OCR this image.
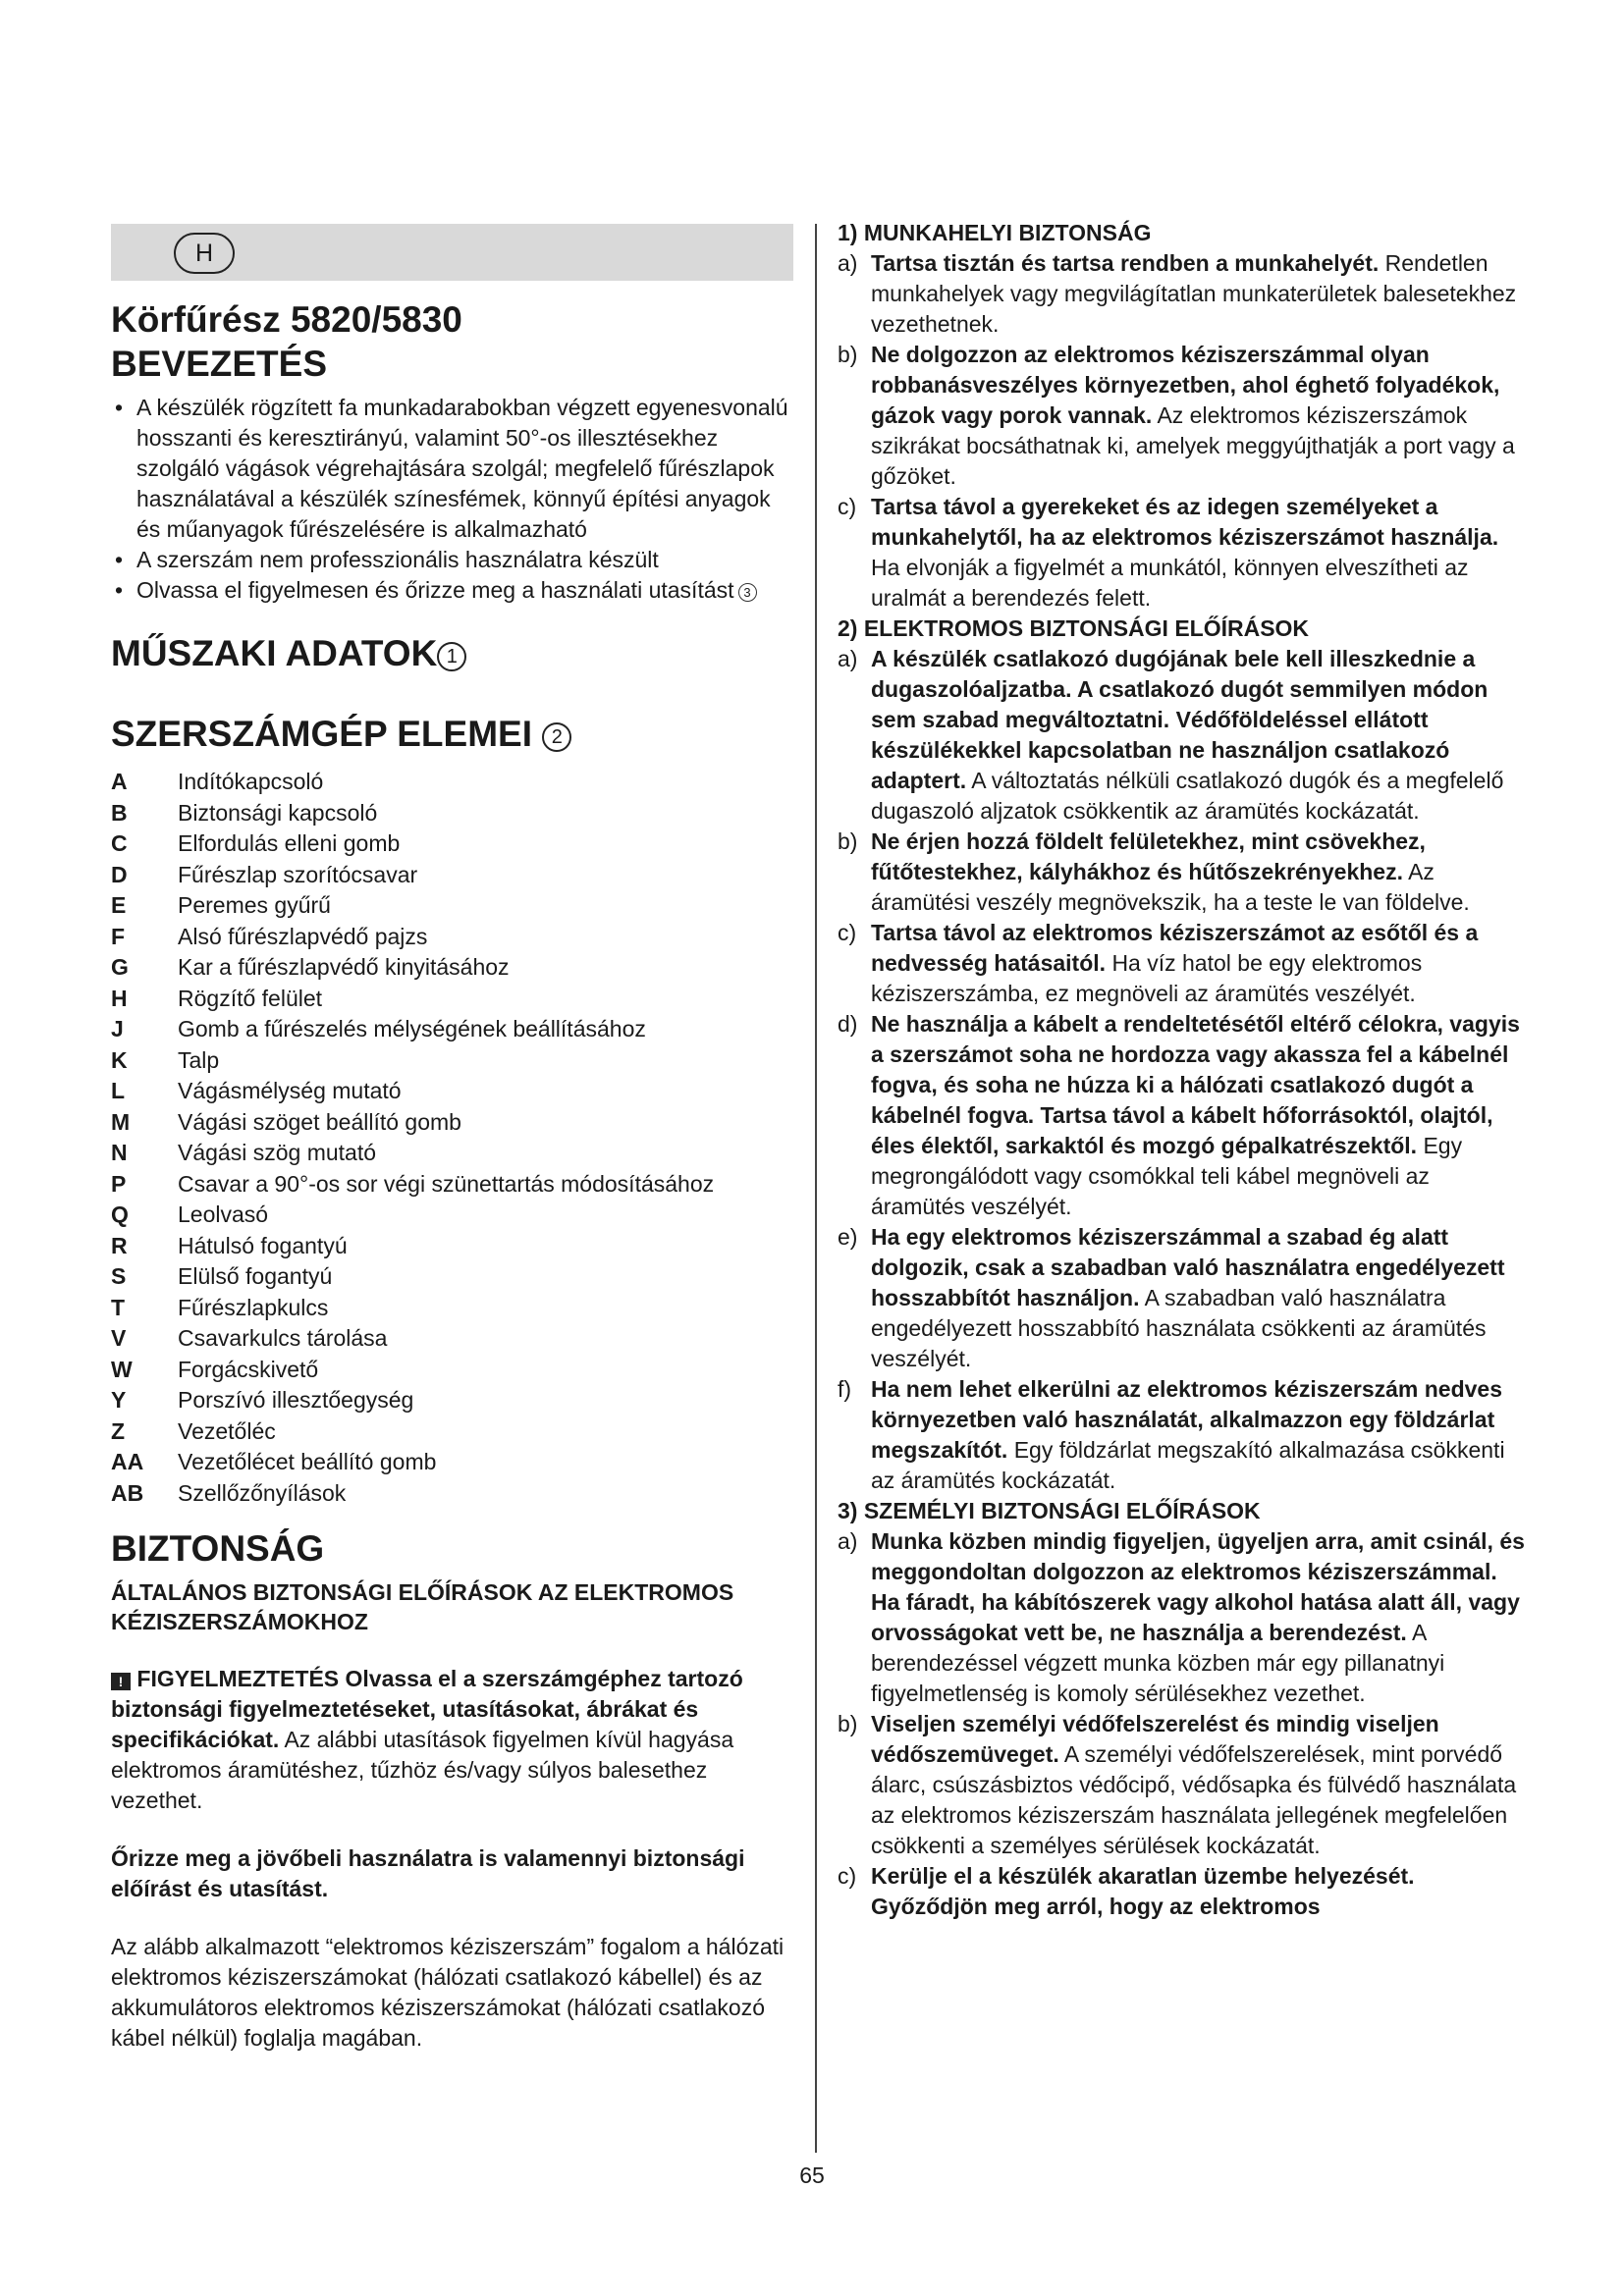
H
Körfűrész 5820/5830
BEVEZETÉS
• A készülék rögzített fa munkadarabokban végzett egyenesvonalú hosszanti és keresztirányú, valamint 50°-os illesztésekhez szolgáló vágások végrehajtására szolgál; megfelelő fűrészlapok használatával a készülék színesfémek, könnyű építési anyagok és műanyagok fűrészelésére is alkalmazható
• A szerszám nem professzionális használatra készült
• Olvassa el figyelmesen és őrizze meg a használati utasítást 3
MŰSZAKI ADATOK 1
SZERSZÁMGÉP ELEMEI 2
A	Indítókapcsoló
B	Biztonsági kapcsoló
C	Elfordulás elleni gomb
D	Fűrészlap szorítócsavar
E	Peremes gyűrű
F	Alsó fűrészlapvédő pajzs
G	Kar a fűrészlapvédő kinyitásához
H	Rögzítő felület
J	Gomb a fűrészelés mélységének beállításához
K	Talp
L	Vágásmélység mutató
M	Vágási szöget beállító gomb
N	Vágási szög mutató
P	Csavar a 90°-os sor végi szünettartás módosításához
Q	Leolvasó
R	Hátulsó fogantyú
S	Elülső fogantyú
T	Fűrészlapkulcs
V	Csavarkulcs tárolása
W	Forgácskivető
Y	Porszívó illesztőegység
Z	Vezetőléc
AA	Vezetőlécet beállító gomb
AB	Szellőzőnyílások
BIZTONSÁG
ÁLTALÁNOS BIZTONSÁGI ELŐÍRÁSOK AZ ELEKTROMOS KÉZISZERSZÁMOKHOZ

! FIGYELMEZTETÉS Olvassa el a szerszámgéphez tartozó biztonsági figyelmeztetéseket, utasításokat, ábrákat és specifikációkat. Az alábbi utasítások figyelmen kívül hagyása elektromos áramütéshez, tűzhöz és/vagy súlyos balesethez vezethet.

Őrizze meg a jövőbeli használatra is valamennyi biztonsági előírást és utasítást.

Az alább alkalmazott “elektromos kéziszerszám” fogalom a hálózati elektromos kéziszerszámokat (hálózati csatlakozó kábellel) és az akkumulátoros elektromos kéziszerszámokat (hálózati csatlakozó kábel nélkül) foglalja magában.

1) MUNKAHELYI BIZTONSÁG
a) Tartsa tisztán és tartsa rendben a munkahelyét. Rendetlen munkahelyek vagy megvilágítatlan munkaterületek balesetekhez vezethetnek.
b) Ne dolgozzon az elektromos kéziszerszámmal olyan robbanásveszélyes környezetben, ahol éghető folyadékok, gázok vagy porok vannak. Az elektromos kéziszerszámok szikrákat bocsáthatnak ki, amelyek meggyújthatják a port vagy a gőzöket.
c) Tartsa távol a gyerekeket és az idegen személyeket a munkahelytől, ha az elektromos kéziszerszámot használja. Ha elvonják a figyelmét a munkától, könnyen elveszítheti az uralmát a berendezés felett.
2) ELEKTROMOS BIZTONSÁGI ELŐÍRÁSOK
a) A készülék csatlakozó dugójának bele kell illeszkednie a dugaszolóaljzatba. A csatlakozó dugót semmilyen módon sem szabad megváltoztatni. Védőföldeléssel ellátott készülékekkel kapcsolatban ne használjon csatlakozó adaptert. A változtatás nélküli csatlakozó dugók és a megfelelő dugaszoló aljzatok csökkentik az áramütés kockázatát.
b) Ne érjen hozzá földelt felületekhez, mint csövekhez, fűtőtestekhez, kályhákhoz és hűtőszekrényekhez. Az áramütési veszély megnövekszik, ha a teste le van földelve.
c) Tartsa távol az elektromos kéziszerszámot az esőtől és a nedvesség hatásaitól. Ha víz hatol be egy elektromos kéziszerszámba, ez megnöveli az áramütés veszélyét.
d) Ne használja a kábelt a rendeltetésétől eltérő célokra, vagyis a szerszámot soha ne hordozza vagy akassza fel a kábelnél fogva, és soha ne húzza ki a hálózati csatlakozó dugót a kábelnél fogva. Tartsa távol a kábelt hőforrásoktól, olajtól, éles élektől, sarkaktól és mozgó gépalkatrészektől. Egy megrongálódott vagy csomókkal teli kábel megnöveli az áramütés veszélyét.
e) Ha egy elektromos kéziszerszámmal a szabad ég alatt dolgozik, csak a szabadban való használatra engedélyezett hosszabbítót használjon. A szabadban való használatra engedélyezett hosszabbító használata csökkenti az áramütés veszélyét.
f) Ha nem lehet elkerülni az elektromos kéziszerszám nedves környezetben való használatát, alkalmazzon egy földzárlat megszakítót. Egy földzárlat megszakító alkalmazása csökkenti az áramütés kockázatát.
3) SZEMÉLYI BIZTONSÁGI ELŐÍRÁSOK
a) Munka közben mindig figyeljen, ügyeljen arra, amit csinál, és meggondoltan dolgozzon az elektromos kéziszerszámmal. Ha fáradt, ha kábítószerek vagy alkohol hatása alatt áll, vagy orvosságokat vett be, ne használja a berendezést. A berendezéssel végzett munka közben már egy pillanatnyi figyelmetlenség is komoly sérülésekhez vezethet.
b) Viseljen személyi védőfelszerelést és mindig viseljen védőszemüveget. A személyi védőfelszerelések, mint porvédő álarc, csúszásbiztos védőcipő, védősapka és fülvédő használata az elektromos kéziszerszám használata jellegének megfelelően csökkenti a személyes sérülések kockázatát.
c) Kerülje el a készülék akaratlan üzembe helyezését. Győződjön meg arról, hogy az elektromos
65
